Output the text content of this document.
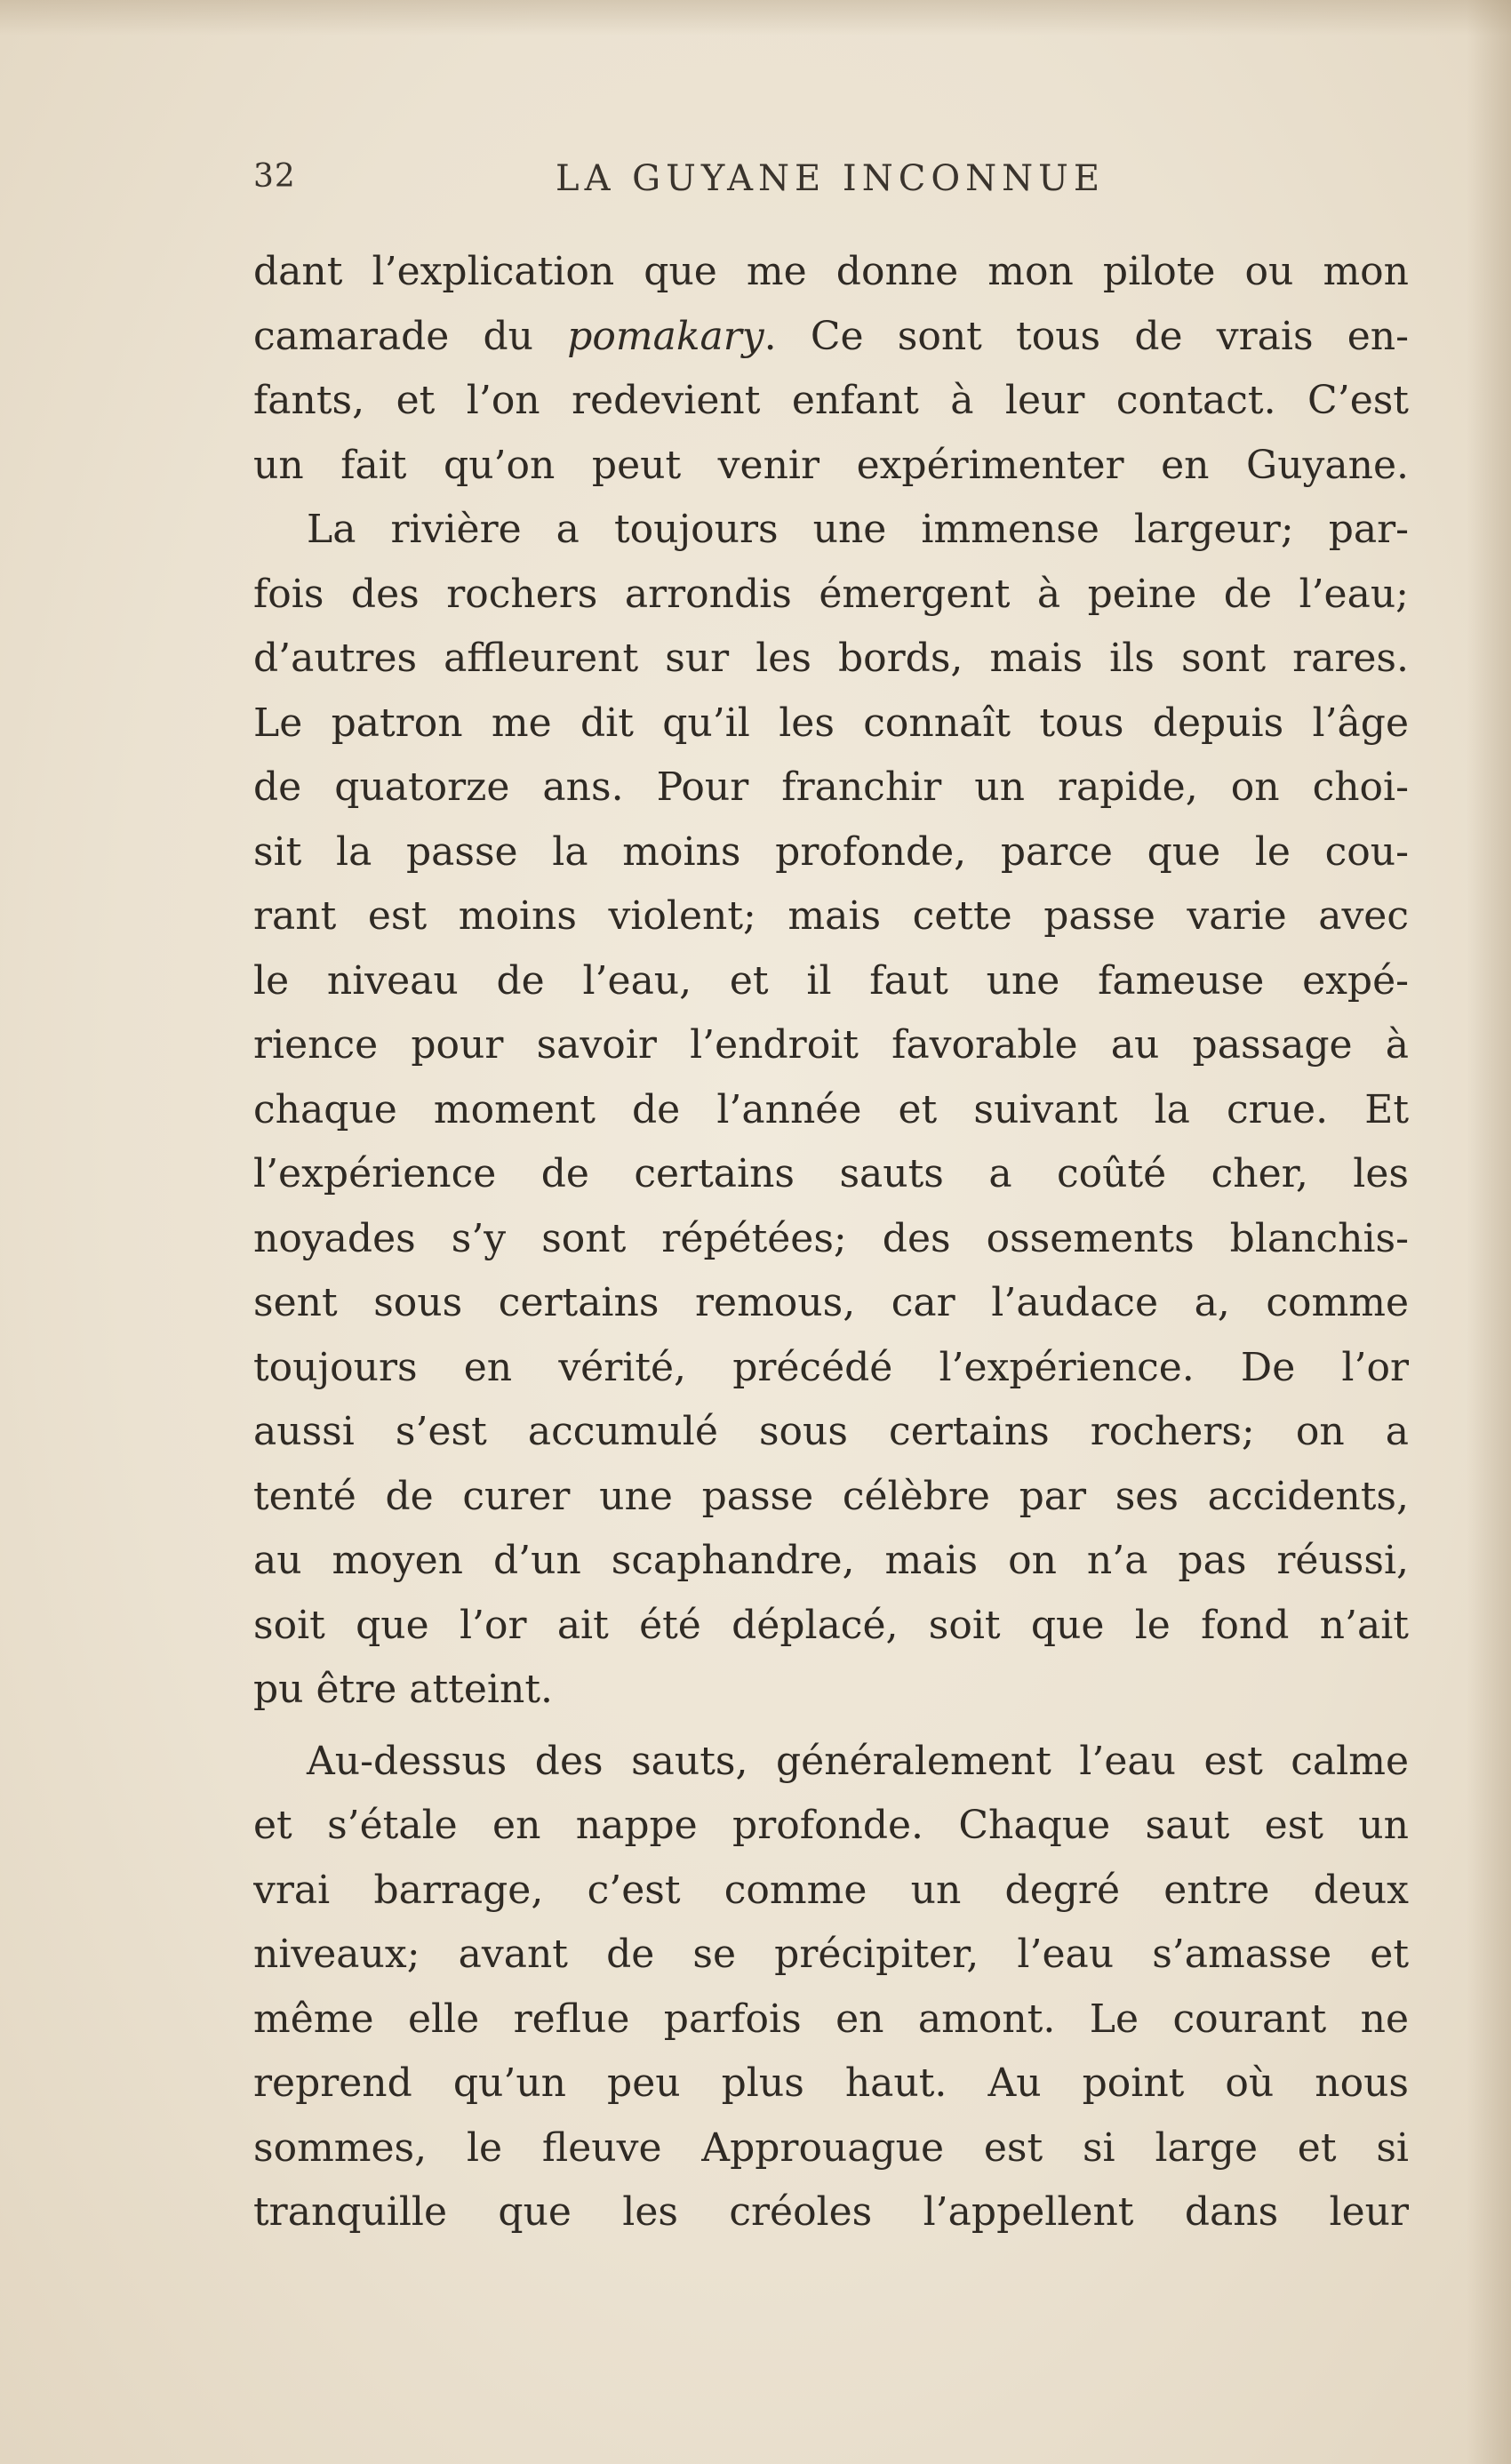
32	LA GUYANE INCONNUE
dant l’explication que me donne mon pilote ou mon
camarade du pomakary. Ce sont tous de vrais en-
fants, et l’on redevient enfant à leur contact. C’est
un fait qu’on peut venir expérimenter en Guyane.
La rivière a toujours une immense largeur; par-
fois des rochers arrondis émergent à peine de l’eau;
d’autres affleurent sur les bords, mais ils sont rares.
Le patron me dit qu’il les connaît tous depuis l’âge
de quatorze ans. Pour franchir un rapide, on choi-
sit la passe la moins profonde, parce que le cou-
rant est moins violent; mais cette passe varie avec
le niveau de l’eau, et il faut une fameuse expé-
rience pour savoir l’endroit favorable au passage à
chaque moment de l’année et suivant la crue. Et
l’expérience de certains sauts a coûté cher, les
noyades s’y sont répétées; des ossements blanchis-
sent sous certains remous, car l’audace a, comme
toujours en vérité, précédé l’expérience. De l’or
aussi s’est accumulé sous certains rochers; on a
tenté de curer une passe célèbre par ses accidents,
au moyen d’un scaphandre, mais on n’a pas réussi,
soit que l’or ait été déplacé, soit que le fond n’ait
pu être atteint.
Au-dessus des sauts, généralement l’eau est calme
et s’étale en nappe profonde. Chaque saut est un
vrai barrage, c’est comme un degré entre deux
niveaux; avant de se précipiter, l’eau s’amasse et
même elle reflue parfois en amont. Le courant ne
reprend qu’un peu plus haut. Au point où nous
sommes, le fleuve Approuague est si large et si
tranquille que les créoles l’appellent dans leur
